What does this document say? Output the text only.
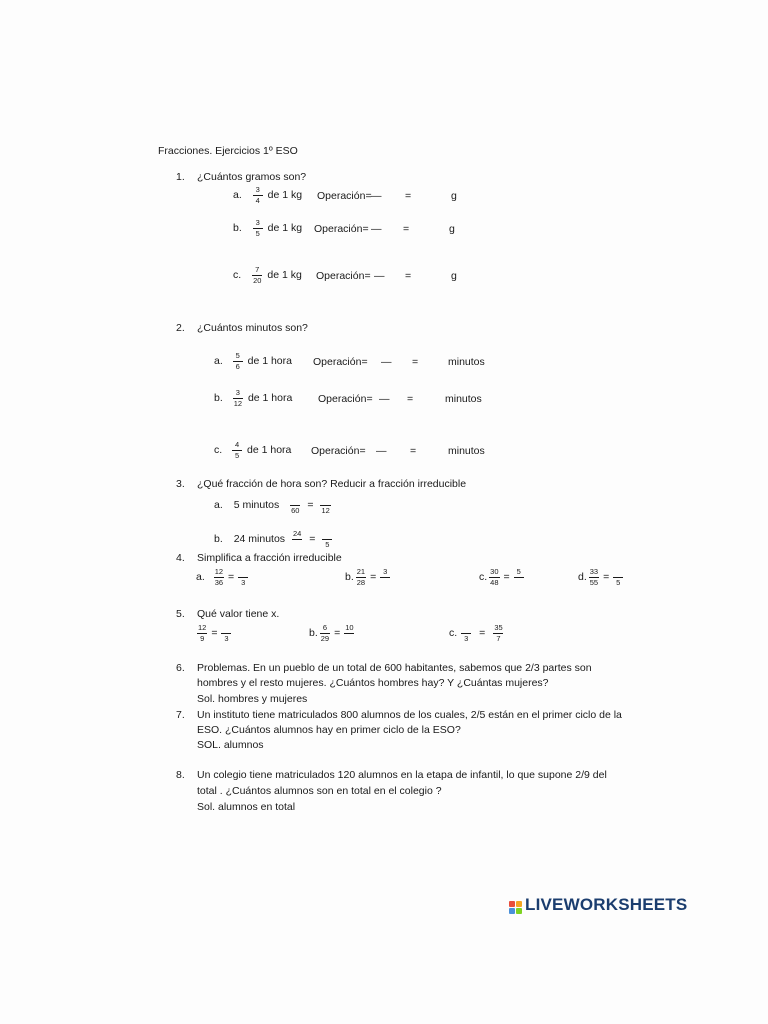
Fracciones. Ejercicios 1º ESO
1. ¿Cuántos gramos son?
a. $\frac{3}{4}$ de 1 kg Operación= — =	g
b. $\frac{3}{5}$ de 1 kg Operación= — =	g
c. $\frac{7}{20}$ de 1 kg Operación= — =	g
2. ¿Cuántos minutos son?
a. $\frac{5}{6}$ de 1 hora Operación= — =	minutos
b. $\frac{3}{12}$ de 1 hora Operación= — =	minutos
c. $\frac{4}{5}$ de 1 hora Operación= — =	minutos
3. ¿Qué fracción de hora son? Reducir a fracción irreducible
a. 5 minutos 60 = 12
b. 24 minutos 24 =	5
4. Simplifica a fracción irreducible
a. $\frac{12}{36} = 3$	b. $\frac{21}{28} = 3$	c. $\frac{30}{48} = 5$	d. $\frac{33}{55} = 5$
5. Qué valor tiene x.
$\frac{12}{9} = 3$	b. $\frac{6}{29} = 10$	c. $3 = \frac{35}{7}$
6. Problemas. En un pueblo de un total de 600 habitantes, sabemos que 2/3 partes son
hombres y el resto mujeres. ¿Cuántos hombres hay? Y ¿Cuántas mujeres?
Sol. hombres y mujeres
7. Un instituto tiene matriculados 800 alumnos de los cuales, 2/5 están en el primer ciclo de la
ESO. ¿Cuántos alumnos hay en primer ciclo de la ESO?
SOL. alumnos
8. Un colegio tiene matriculados 120 alumnos en la etapa de infantil, lo que supone 2/9 del
total . ¿Cuántos alumnos son en total en el colegio ?
Sol. alumnos en total
LIVEWORKSHEETS
